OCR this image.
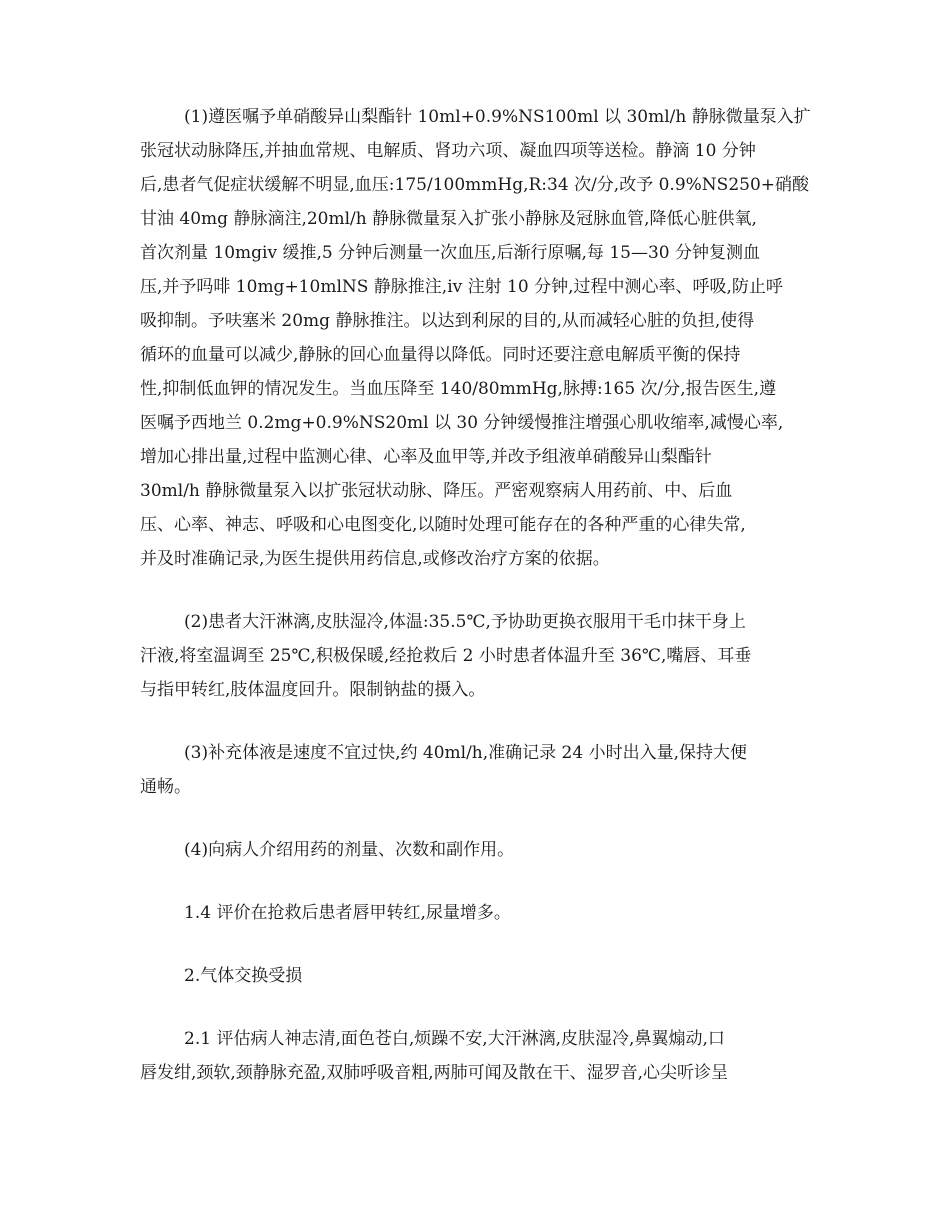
(1)遵医嘱予单硝酸异山梨酯针 10ml+0.9%NS100ml 以 30ml/h 静脉微量泵入扩
张冠状动脉降压,并抽血常规、电解质、肾功六项、凝血四项等送检。静滴 10 分钟
后,患者气促症状缓解不明显,血压:175/100mmHg,R:34 次/分,改予 0.9%NS250+硝酸
甘油 40mg 静脉滴注,20ml/h 静脉微量泵入扩张小静脉及冠脉血管,降低心脏供氧,
首次剂量 10mgiv 缓推,5 分钟后测量一次血压,后渐行原嘱,每 15—30 分钟复测血
压,并予吗啡 10mg+10mlNS 静脉推注,iv 注射 10 分钟,过程中测心率、呼吸,防止呼
吸抑制。予呋塞米 20mg 静脉推注。以达到利尿的目的,从而减轻心脏的负担,使得
循环的血量可以减少,静脉的回心血量得以降低。同时还要注意电解质平衡的保持
性,抑制低血钾的情况发生。当血压降至 140/80mmHg,脉搏:165 次/分,报告医生,遵
医嘱予西地兰 0.2mg+0.9%NS20ml 以 30 分钟缓慢推注增强心肌收缩率,减慢心率,
增加心排出量,过程中监测心律、心率及血甲等,并改予组液单硝酸异山梨酯针
30ml/h 静脉微量泵入以扩张冠状动脉、降压。严密观察病人用药前、中、后血
压、心率、神志、呼吸和心电图变化,以随时处理可能存在的各种严重的心律失常,
并及时准确记录,为医生提供用药信息,或修改治疗方案的依据。
(2)患者大汗淋漓,皮肤湿冷,体温:35.5℃,予协助更换衣服用干毛巾抹干身上
汗液,将室温调至 25℃,积极保暖,经抢救后 2 小时患者体温升至 36℃,嘴唇、耳垂
与指甲转红,肢体温度回升。限制钠盐的摄入。
(3)补充体液是速度不宜过快,约 40ml/h,准确记录 24 小时出入量,保持大便
通畅。
(4)向病人介绍用药的剂量、次数和副作用。
1.4 评价在抢救后患者唇甲转红,尿量增多。
2.气体交换受损
2.1 评估病人神志清,面色苍白,烦躁不安,大汗淋漓,皮肤湿冷,鼻翼煽动,口
唇发绀,颈软,颈静脉充盈,双肺呼吸音粗,两肺可闻及散在干、湿罗音,心尖听诊呈
